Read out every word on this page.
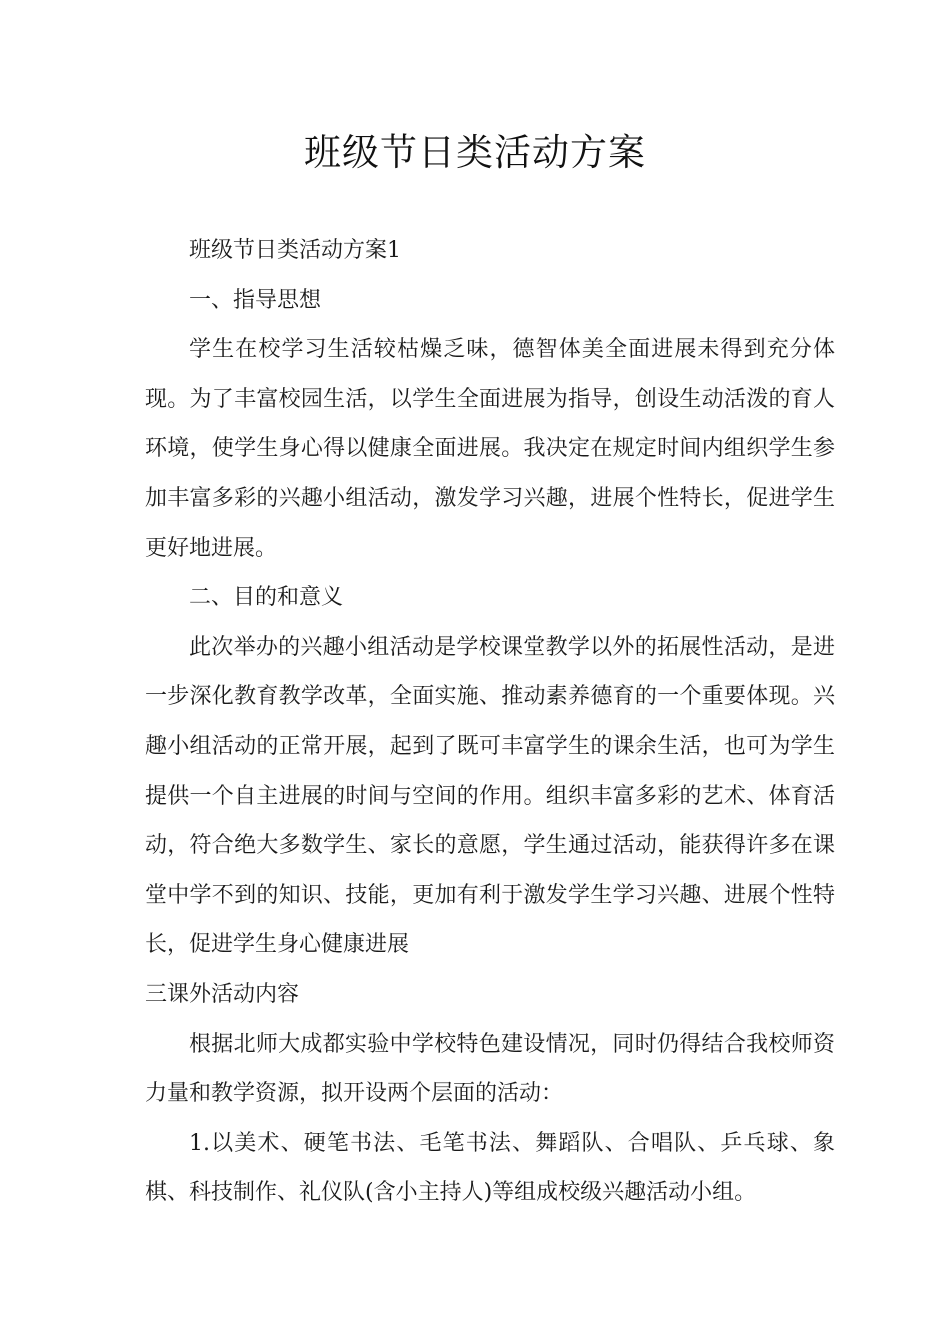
班级节日类活动方案

班级节日类活动方案1

一、指导思想

学生在校学习生活较枯燥乏味，德智体美全面进展未得到充分体现。为了丰富校园生活，以学生全面进展为指导，创设生动活泼的育人环境，使学生身心得以健康全面进展。我决定在规定时间内组织学生参加丰富多彩的兴趣小组活动，激发学习兴趣，进展个性特长，促进学生更好地进展。

二、目的和意义

此次举办的兴趣小组活动是学校课堂教学以外的拓展性活动，是进一步深化教育教学改革，全面实施、推动素养德育的一个重要体现。兴趣小组活动的正常开展，起到了既可丰富学生的课余生活，也可为学生提供一个自主进展的时间与空间的作用。组织丰富多彩的艺术、体育活动，符合绝大多数学生、家长的意愿，学生通过活动，能获得许多在课堂中学不到的知识、技能，更加有利于激发学生学习兴趣、进展个性特长，促进学生身心健康进展

三课外活动内容

根据北师大成都实验中学校特色建设情况，同时仍得结合我校师资力量和教学资源，拟开设两个层面的活动：

1.以美术、硬笔书法、毛笔书法、舞蹈队、合唱队、乒乓球、象棋、科技制作、礼仪队(含小主持人)等组成校级兴趣活动小组。
